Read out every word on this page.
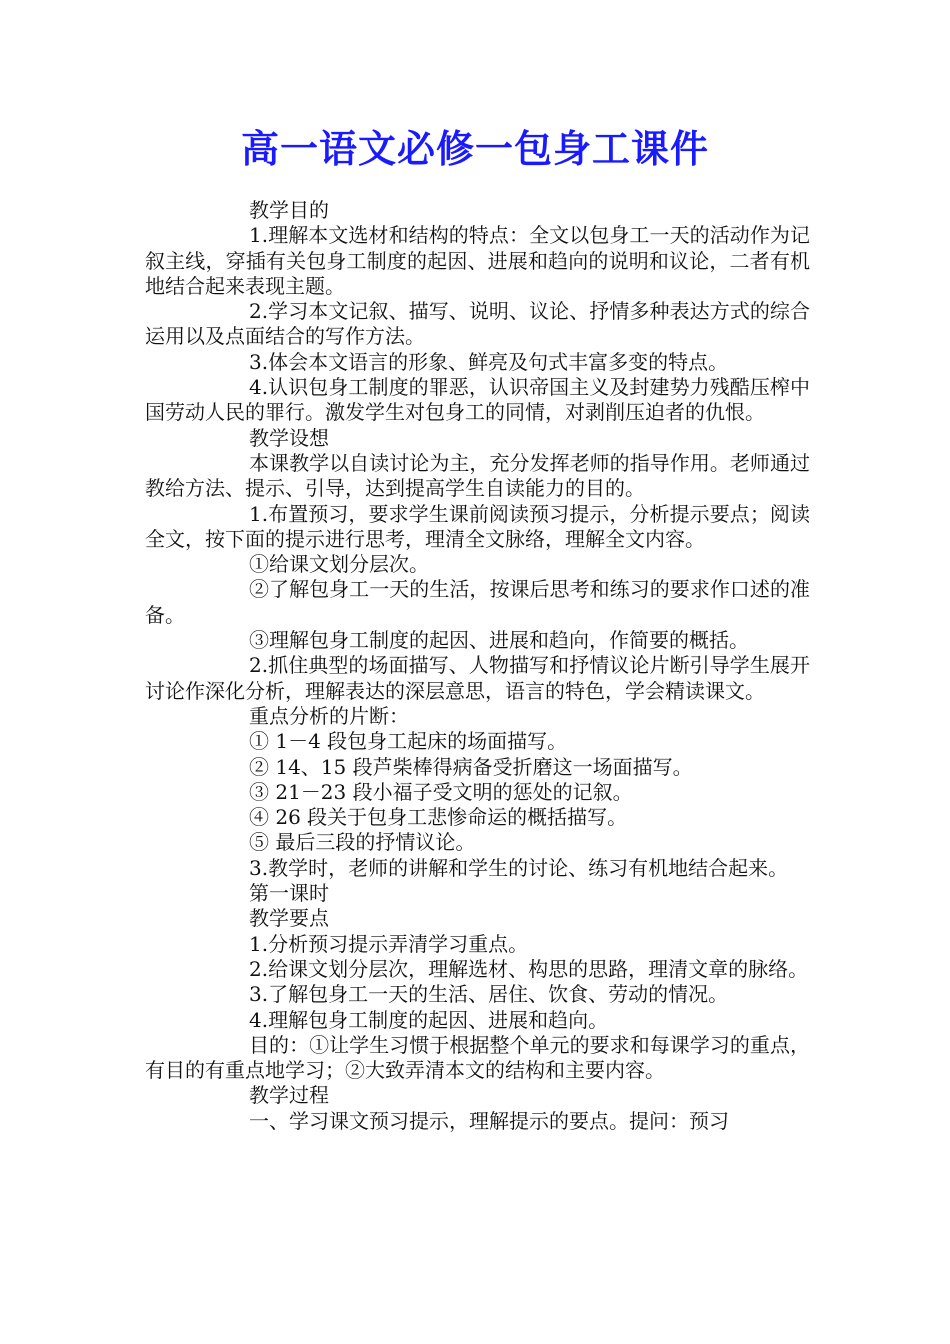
高一语文必修一包身工课件

教学目的

1.理解本文选材和结构的特点：全文以包身工一天的活动作为记叙主线，穿插有关包身工制度的起因、进展和趋向的说明和议论，二者有机地结合起来表现主题。

2.学习本文记叙、描写、说明、议论、抒情多种表达方式的综合运用以及点面结合的写作方法。

3.体会本文语言的形象、鲜亮及句式丰富多变的特点。

4.认识包身工制度的罪恶，认识帝国主义及封建势力残酷压榨中国劳动人民的罪行。激发学生对包身工的同情，对剥削压迫者的仇恨。

教学设想

本课教学以自读讨论为主，充分发挥老师的指导作用。老师通过教给方法、提示、引导，达到提高学生自读能力的目的。

1.布置预习，要求学生课前阅读预习提示，分析提示要点；阅读全文，按下面的提示进行思考，理清全文脉络，理解全文内容。

①给课文划分层次。

②了解包身工一天的生活，按课后思考和练习的要求作口述的准备。

③理解包身工制度的起因、进展和趋向，作简要的概括。

2.抓住典型的场面描写、人物描写和抒情议论片断引导学生展开讨论作深化分析，理解表达的深层意思，语言的特色，学会精读课文。

重点分析的片断：

① 1－4 段包身工起床的场面描写。

② 14、15 段芦柴棒得病备受折磨这一场面描写。

③ 21－23 段小福子受文明的惩处的记叙。

④ 26 段关于包身工悲惨命运的概括描写。

⑤ 最后三段的抒情议论。

3.教学时，老师的讲解和学生的讨论、练习有机地结合起来。

第一课时

教学要点

1.分析预习提示弄清学习重点。

2.给课文划分层次，理解选材、构思的思路，理清文章的脉络。

3.了解包身工一天的生活、居住、饮食、劳动的情况。

4.理解包身工制度的起因、进展和趋向。

目的：①让学生习惯于根据整个单元的要求和每课学习的重点，有目的有重点地学习；②大致弄清本文的结构和主要内容。

教学过程

一、学习课文预习提示，理解提示的要点。提问：预习
